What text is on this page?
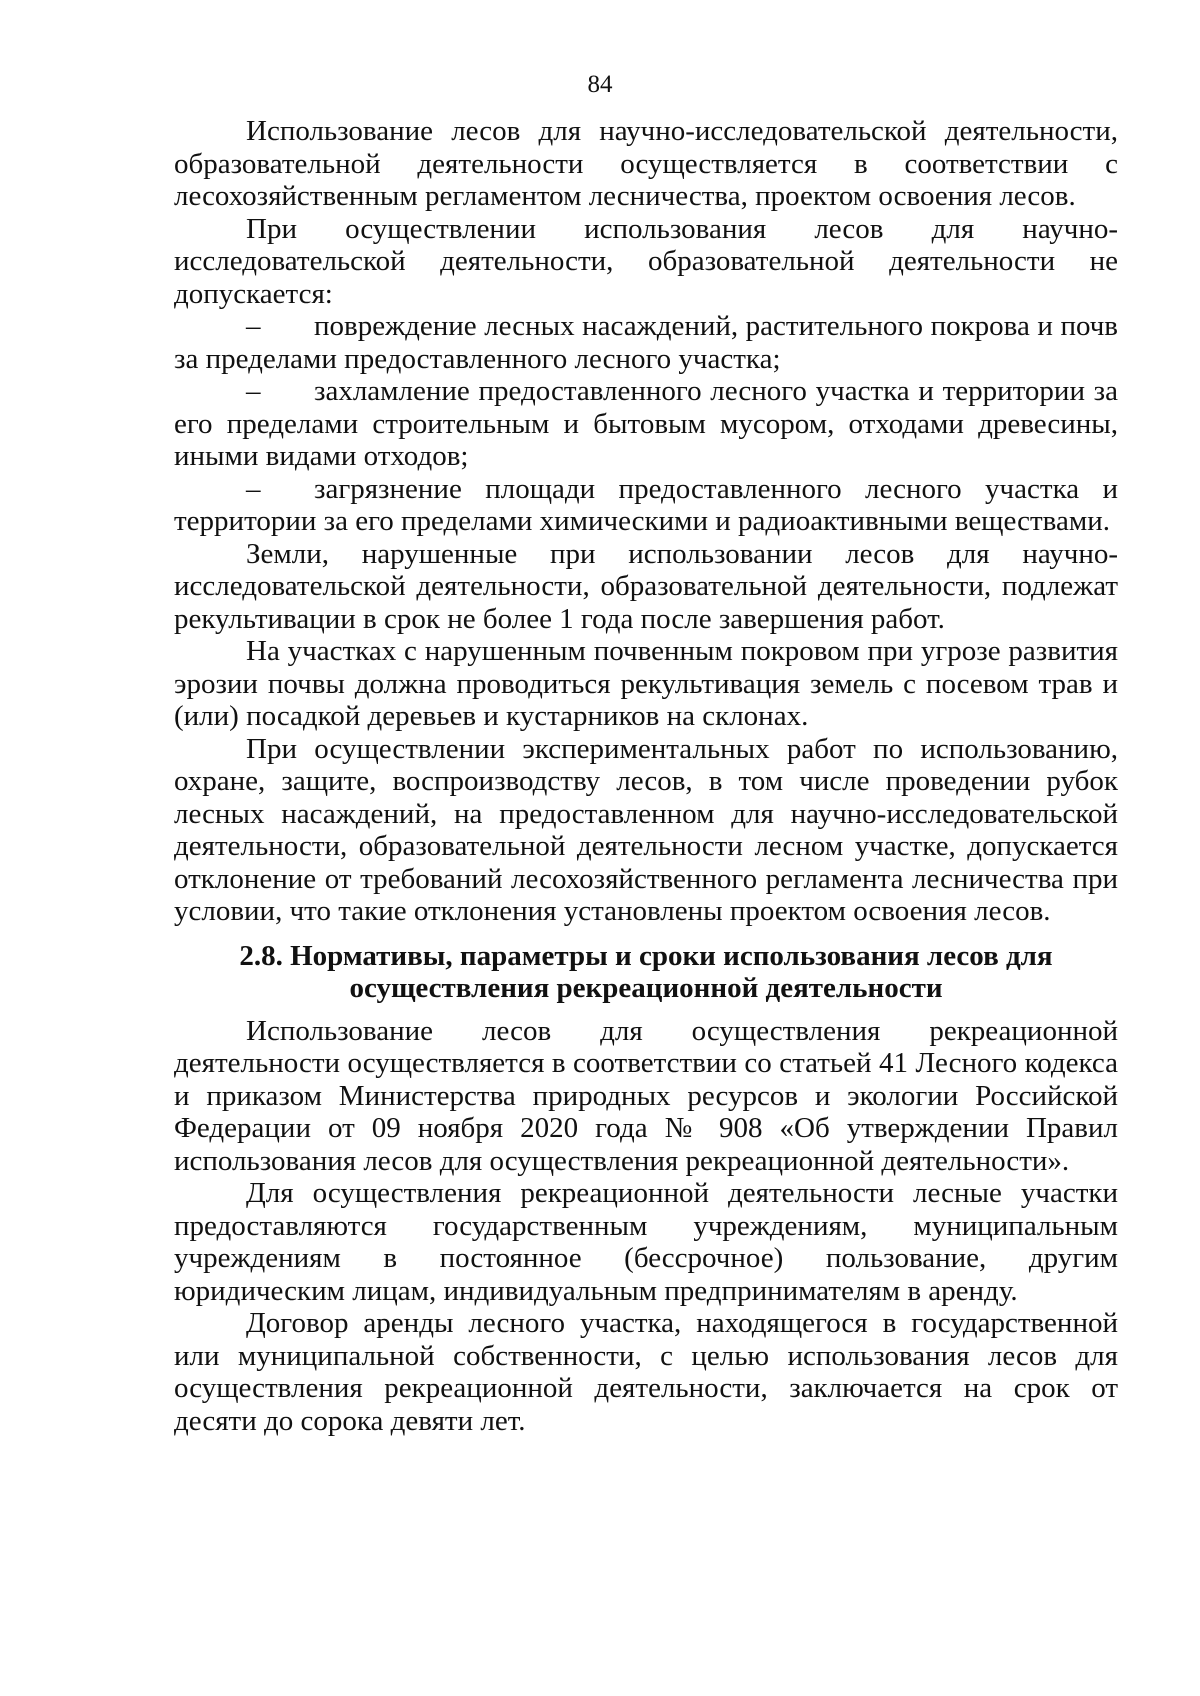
84

Использование лесов для научно-исследовательской деятельности, образовательной деятельности осуществляется в соответствии с лесохозяйственным регламентом лесничества, проектом освоения лесов.

При осуществлении использования лесов для научно-исследовательской деятельности, образовательной деятельности не допускается:

– повреждение лесных насаждений, растительного покрова и почв за пределами предоставленного лесного участка;

– захламление предоставленного лесного участка и территории за его пределами строительным и бытовым мусором, отходами древесины, иными видами отходов;

– загрязнение площади предоставленного лесного участка и территории за его пределами химическими и радиоактивными веществами.

Земли, нарушенные при использовании лесов для научно-исследовательской деятельности, образовательной деятельности, подлежат рекультивации в срок не более 1 года после завершения работ.

На участках с нарушенным почвенным покровом при угрозе развития эрозии почвы должна проводиться рекультивация земель с посевом трав и (или) посадкой деревьев и кустарников на склонах.

При осуществлении экспериментальных работ по использованию, охране, защите, воспроизводству лесов, в том числе проведении рубок лесных насаждений, на предоставленном для научно-исследовательской деятельности, образовательной деятельности лесном участке, допускается отклонение от требований лесохозяйственного регламента лесничества при условии, что такие отклонения установлены проектом освоения лесов.

2.8. Нормативы, параметры и сроки использования лесов для осуществления рекреационной деятельности

Использование лесов для осуществления рекреационной деятельности осуществляется в соответствии со статьей 41 Лесного кодекса и приказом Министерства природных ресурсов и экологии Российской Федерации от 09 ноября 2020 года № 908 «Об утверждении Правил использования лесов для осуществления рекреационной деятельности».

Для осуществления рекреационной деятельности лесные участки предоставляются государственным учреждениям, муниципальным учреждениям в постоянное (бессрочное) пользование, другим юридическим лицам, индивидуальным предпринимателям в аренду.

Договор аренды лесного участка, находящегося в государственной или муниципальной собственности, с целью использования лесов для осуществления рекреационной деятельности, заключается на срок от десяти до сорока девяти лет.
